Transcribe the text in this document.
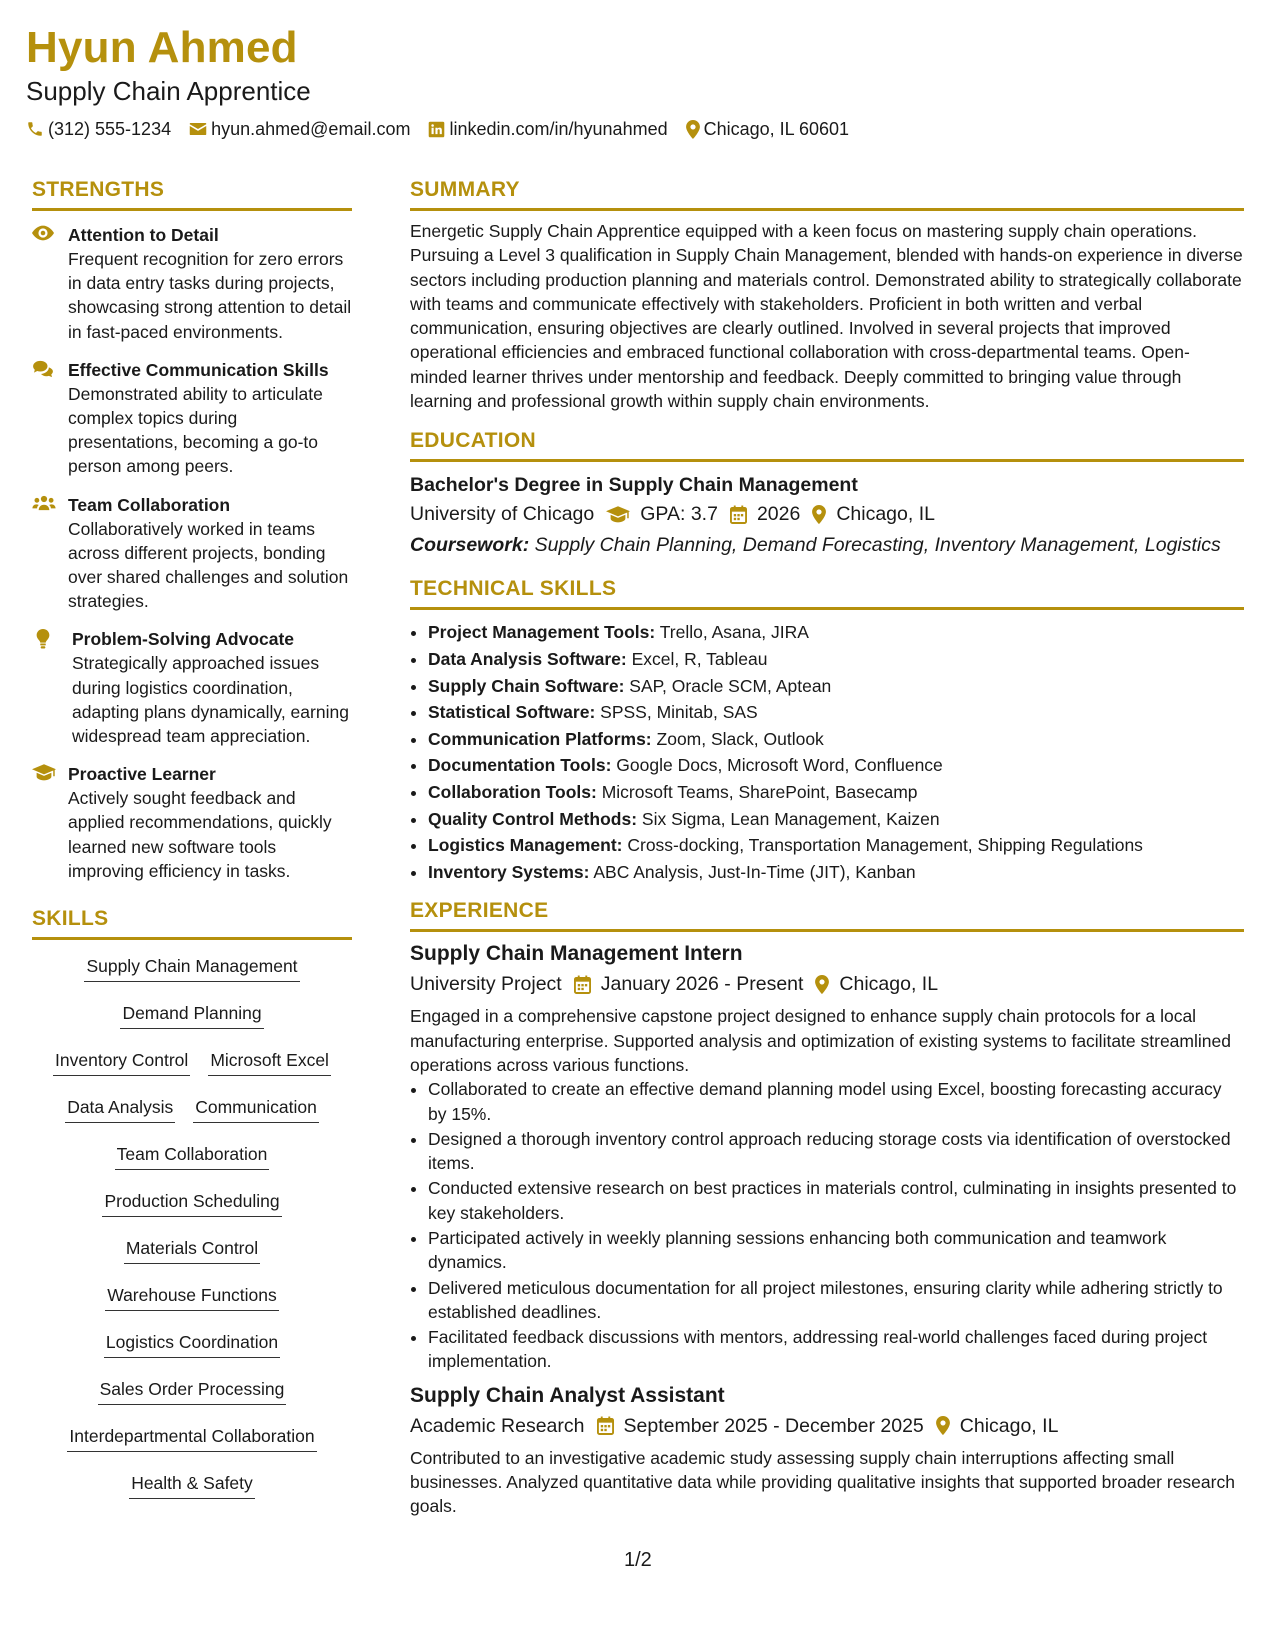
Hyun Ahmed
Supply Chain Apprentice
(312) 555-1234 hyun.ahmed@email.com linkedin.com/in/hyunahmed Chicago, IL 60601
STRENGTHS
Attention to Detail
Frequent recognition for zero errors in data entry tasks during projects, showcasing strong attention to detail in fast-paced environments.
Effective Communication Skills
Demonstrated ability to articulate complex topics during presentations, becoming a go-to person among peers.
Team Collaboration
Collaboratively worked in teams across different projects, bonding over shared challenges and solution strategies.
Problem-Solving Advocate
Strategically approached issues during logistics coordination, adapting plans dynamically, earning widespread team appreciation.
Proactive Learner
Actively sought feedback and applied recommendations, quickly learned new software tools improving efficiency in tasks.
SKILLS
Supply Chain Management
Demand Planning
Inventory Control Microsoft Excel
Data Analysis Communication
Team Collaboration
Production Scheduling
Materials Control
Warehouse Functions
Logistics Coordination
Sales Order Processing
Interdepartmental Collaboration
Health & Safety
SUMMARY
Energetic Supply Chain Apprentice equipped with a keen focus on mastering supply chain operations. Pursuing a Level 3 qualification in Supply Chain Management, blended with hands-on experience in diverse sectors including production planning and materials control. Demonstrated ability to strategically collaborate with teams and communicate effectively with stakeholders. Proficient in both written and verbal communication, ensuring objectives are clearly outlined. Involved in several projects that improved operational efficiencies and embraced functional collaboration with cross-departmental teams. Open-minded learner thrives under mentorship and feedback. Deeply committed to bringing value through learning and professional growth within supply chain environments.
EDUCATION
Bachelor's Degree in Supply Chain Management
University of Chicago GPA: 3.7 2026 Chicago, IL
Coursework: Supply Chain Planning, Demand Forecasting, Inventory Management, Logistics
TECHNICAL SKILLS
• Project Management Tools: Trello, Asana, JIRA
• Data Analysis Software: Excel, R, Tableau
• Supply Chain Software: SAP, Oracle SCM, Aptean
• Statistical Software: SPSS, Minitab, SAS
• Communication Platforms: Zoom, Slack, Outlook
• Documentation Tools: Google Docs, Microsoft Word, Confluence
• Collaboration Tools: Microsoft Teams, SharePoint, Basecamp
• Quality Control Methods: Six Sigma, Lean Management, Kaizen
• Logistics Management: Cross-docking, Transportation Management, Shipping Regulations
• Inventory Systems: ABC Analysis, Just-In-Time (JIT), Kanban
EXPERIENCE
Supply Chain Management Intern
University Project January 2026 - Present Chicago, IL
Engaged in a comprehensive capstone project designed to enhance supply chain protocols for a local manufacturing enterprise. Supported analysis and optimization of existing systems to facilitate streamlined operations across various functions.
• Collaborated to create an effective demand planning model using Excel, boosting forecasting accuracy by 15%.
• Designed a thorough inventory control approach reducing storage costs via identification of overstocked items.
• Conducted extensive research on best practices in materials control, culminating in insights presented to key stakeholders.
• Participated actively in weekly planning sessions enhancing both communication and teamwork dynamics.
• Delivered meticulous documentation for all project milestones, ensuring clarity while adhering strictly to established deadlines.
• Facilitated feedback discussions with mentors, addressing real-world challenges faced during project implementation.
Supply Chain Analyst Assistant
Academic Research September 2025 - December 2025 Chicago, IL
Contributed to an investigative academic study assessing supply chain interruptions affecting small businesses. Analyzed quantitative data while providing qualitative insights that supported broader research goals.
1/2
